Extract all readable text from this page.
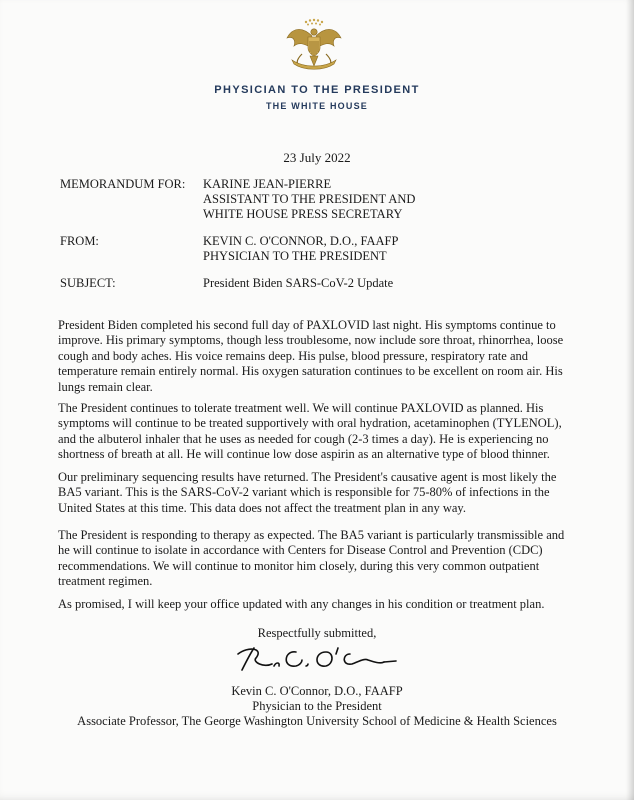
PHYSICIAN TO THE PRESIDENT
THE WHITE HOUSE
23 July 2022
MEMORANDUM FOR: KARINE JEAN-PIERRE
ASSISTANT TO THE PRESIDENT AND
WHITE HOUSE PRESS SECRETARY
FROM:	KEVIN C. O'CONNOR, D.O., FAAFP
PHYSICIAN TO THE PRESIDENT
SUBJECT:	President Biden SARS-CoV-2 Update
President Biden completed his second full day of PAXLOVID last night. His symptoms continue to improve. His primary symptoms, though less troublesome, now include sore throat, rhinorrhea, loose cough and body aches. His voice remains deep. His pulse, blood pressure, respiratory rate and temperature remain entirely normal. His oxygen saturation continues to be excellent on room air. His lungs remain clear.
The President continues to tolerate treatment well. We will continue PAXLOVID as planned. His symptoms will continue to be treated supportively with oral hydration, acetaminophen (TYLENOL), and the albuterol inhaler that he uses as needed for cough (2-3 times a day). He is experiencing no shortness of breath at all. He will continue low dose aspirin as an alternative type of blood thinner.
Our preliminary sequencing results have returned. The President's causative agent is most likely the BA5 variant. This is the SARS-CoV-2 variant which is responsible for 75-80% of infections in the United States at this time. This data does not affect the treatment plan in any way.
The President is responding to therapy as expected. The BA5 variant is particularly transmissible and he will continue to isolate in accordance with Centers for Disease Control and Prevention (CDC) recommendations. We will continue to monitor him closely, during this very common outpatient treatment regimen.
As promised, I will keep your office updated with any changes in his condition or treatment plan.
Respectfully submitted,
Kevin C. O'Connor, D.O., FAAFP
Physician to the President
Associate Professor, The George Washington University School of Medicine & Health Sciences
